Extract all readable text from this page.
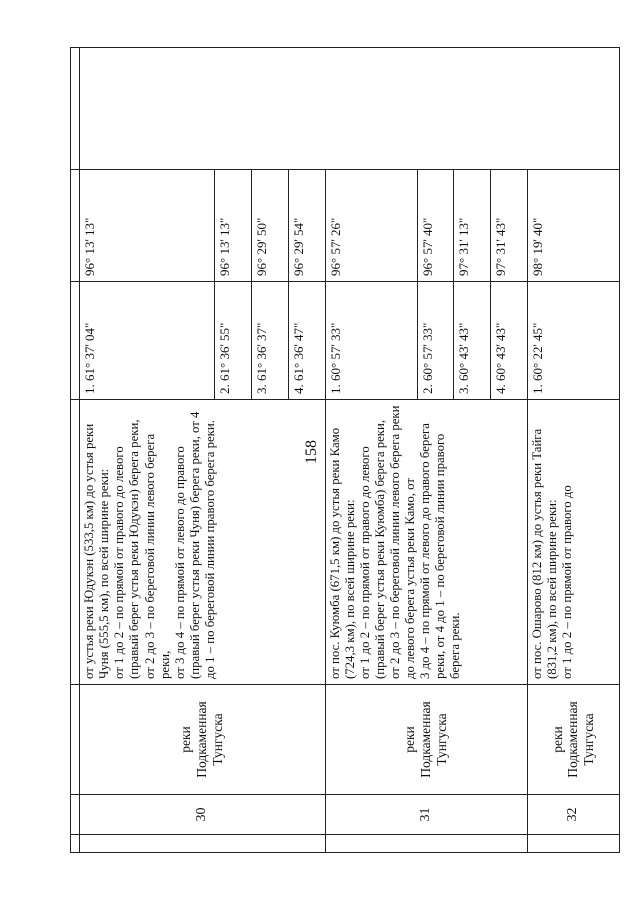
158

	30	реки Подкаменная Тунгуска	от устья реки Юдукэн (533,5 км) до устья реки Чуня (555,5 км), по всей ширине реки: от 1 до 2 – по прямой от правого до левого (правый берег устья реки Юдукэн) берега реки, от 2 до 3 – по береговой линии левого берега реки, от 3 до 4 – по прямой от левого до правого (правый берег устья реки Чуня) берега реки, от 4 до 1 – по береговой линии правого берега реки.	1. 61° 37' 04"	96° 13' 13"	
				2. 61° 36' 55"	96° 13' 13"	
				3. 61° 36' 37"	96° 29' 50"	
				4. 61° 36' 47"	96° 29' 54"	
	31	реки Подкаменная Тунгуска	от пос. Куюмба (671,5 км) до устья реки Камо (724,3 км), по всей ширине реки: от 1 до 2 – по прямой от правого до левого (правый берег устья реки Куюмба) берега реки, от 2 до 3 – по береговой линии левого берега реки до левого берега устья реки Камо, от 3 до 4 – по прямой от левого до правого берега реки, от 4 до 1 – по береговой линии правого берега реки.	1. 60° 57' 33"	96° 57' 26"	
				2. 60° 57' 33"	96° 57' 40"	
				3. 60° 43' 43"	97° 31' 13"	
				4. 60° 43' 43"	97° 31' 43"	
	32	реки Подкаменная Тунгуска	от пос. Ошарово (812 км) до устья реки Тайга (831,2 км), по всей ширине реки: от 1 до 2 – по прямой от правого до	1. 60° 22' 45"	98° 19' 40"	
